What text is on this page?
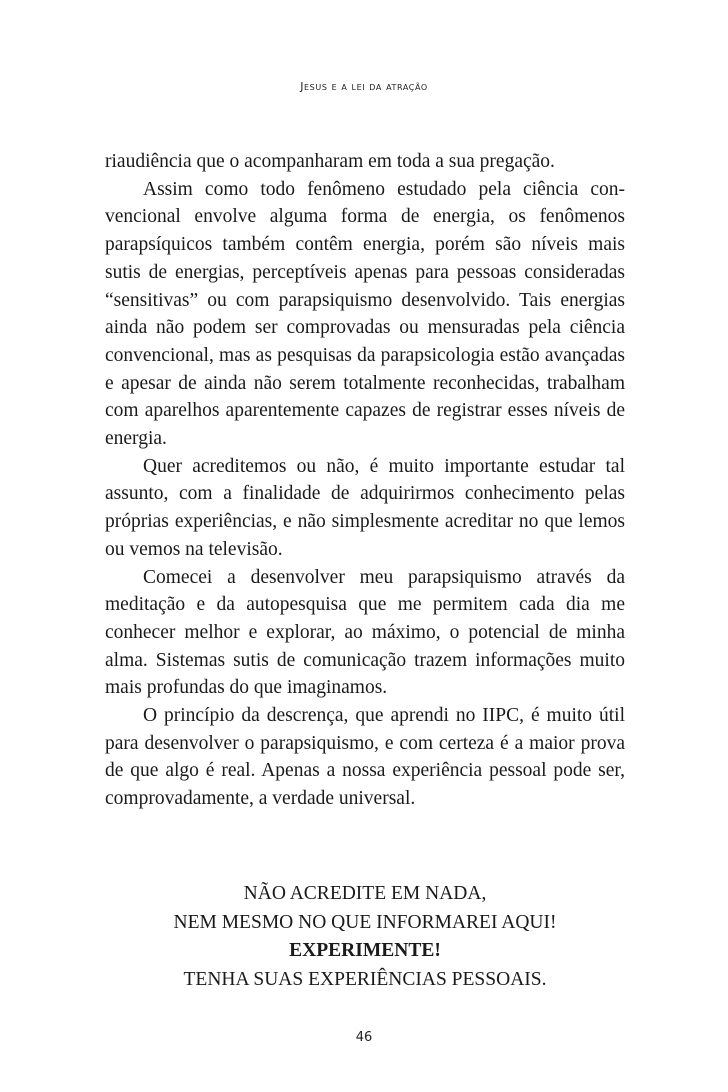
Jesus e a lei da atração

riaudiência que o acompanharam em toda a sua pregação.

Assim como todo fenômeno estudado pela ciência convencional envolve alguma forma de energia, os fenômenos parapsíquicos também contêm energia, porém são níveis mais sutis de energias, perceptíveis apenas para pessoas consideradas “sensitivas” ou com parapsiquismo desenvolvido. Tais energias ainda não podem ser comprovadas ou mensuradas pela ciência convencional, mas as pesquisas da parapsicologia estão avançadas e apesar de ainda não serem totalmente reconhecidas, trabalham com aparelhos aparentemente capazes de registrar esses níveis de energia.

Quer acreditemos ou não, é muito importante estudar tal assunto, com a finalidade de adquirirmos conhecimento pelas próprias experiências, e não simplesmente acreditar no que lemos ou vemos na televisão.

Comecei a desenvolver meu parapsiquismo através da meditação e da autopesquisa que me permitem cada dia me conhecer melhor e explorar, ao máximo, o potencial de minha alma. Sistemas sutis de comunicação trazem informações muito mais profundas do que imaginamos.

O princípio da descrença, que aprendi no IIPC, é muito útil para desenvolver o parapsiquismo, e com certeza é a maior prova de que algo é real. Apenas a nossa experiência pessoal pode ser, comprovadamente, a verdade universal.

NÃO ACREDITE EM NADA,
NEM MESMO NO QUE INFORMAREI AQUI!
EXPERIMENTE!
TENHA SUAS EXPERIÊNCIAS PESSOAIS.
46
